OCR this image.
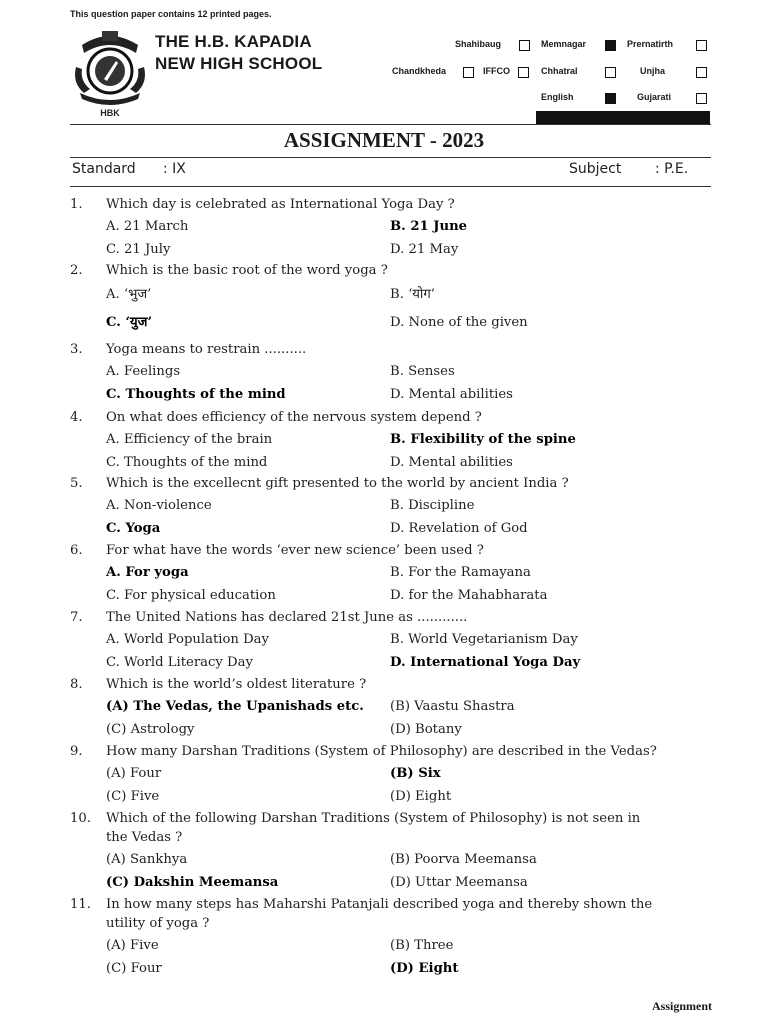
This question paper contains 12 printed pages.
HBK
THE H.B. KAPADIA
NEW HIGH SCHOOL
Shahibaug	Memnagar	Prernatirth
Chandkheda	IFFCO	Chhatral	Unjha
English	Gujarati
ASSIGNMENT - 2023
Standard : IX	Subject : P.E.
1. Which day is celebrated as International Yoga Day ?
A. 21 March	B. 21 June
C. 21 July	D. 21 May
2. Which is the basic root of the word yoga ?
A. ‘भुज’	B. ‘योग’
C. ‘युज’	D. None of the given
3. Yoga means to restrain ..........
A. Feelings	B. Senses
C. Thoughts of the mind	D. Mental abilities
4. On what does efficiency of the nervous system depend ?
A. Efficiency of the brain	B. Flexibility of the spine
C. Thoughts of the mind	D. Mental abilities
5. Which is the excellecnt gift presented to the world by ancient India ?
A. Non-violence	B. Discipline
C. Yoga	D. Revelation of God
6. For what have the words ‘ever new science’ been used ?
A. For yoga	B. For the Ramayana
C. For physical education	D. for the Mahabharata
7. The United Nations has declared 21st June as ............
A. World Population Day	B. World Vegetarianism Day
C. World Literacy Day	D. International Yoga Day
8. Which is the world’s oldest literature ?
(A) The Vedas, the Upanishads etc. (B) Vaastu Shastra
(C) Astrology	(D) Botany
9. How many Darshan Traditions (System of Philosophy) are described in the Vedas?
(A) Four	(B) Six
(C) Five	(D) Eight
10. Which of the following Darshan Traditions (System of Philosophy) is not seen in
the Vedas ?
(A) Sankhya	(B) Poorva Meemansa
(C) Dakshin Meemansa	(D) Uttar Meemansa
11. In how many steps has Maharshi Patanjali described yoga and thereby shown the
utility of yoga ?
(A) Five	(B) Three
(C) Four	(D) Eight
Assignment
